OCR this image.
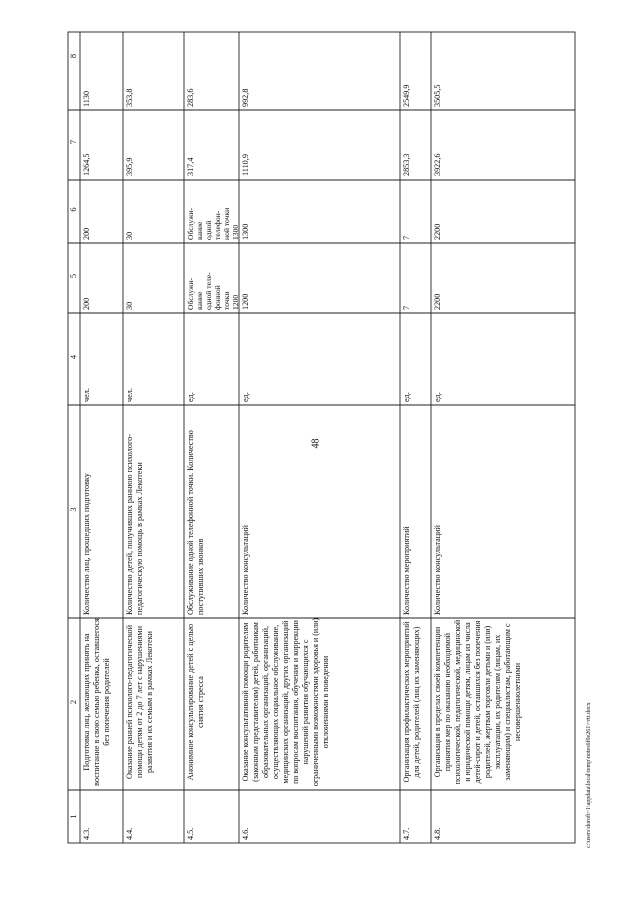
48
8
7
6
5
4
3
2
1
4.3.
Подготовка лиц, желающих принять на воспитание в свою семью ребенка, оставшегося без попечения родителей
Количество лиц, прошедших подготовку
чел.
200
200
1264,5
1130
4.4.
Оказание ранней психолого-педагогической помощи детям от 2 до 7 лет с нарушениями развития и их семьям в рамках Лекотеки
Количество детей, получивших раннюю психолого-педагогическую помощь в рамках Лекотеки
чел.
30
30
395,9
353,8
4.5.
Анонимное консультирование детей с целью снятия стресса
Обслуживание одной телефонной точки. Количество поступивших звонков
ед.
Обслужи-
вание
одной теле-
фонной
точки
1200
Обслужи-
вание
одной
телефон-
ной точки
1300
317,4
283,6
4.6.
Оказание консультативной помощи родителям (законным представителям) детей, работникам образовательных организаций, организаций, осуществляющих социальное обслуживание, медицинских организаций, других организаций по вопросам воспитания, обучения и коррекции нарушений развития обучающихся с ограниченными возможностями здоровья и (или) отклонениями в поведении
Количество консультаций
ед.
1200
1300
1110,9
992,8
4.7.
Организация профилактических мероприятий для детей, родителей (лиц их заменяющих)
Количество мероприятий
ед.
7
7
2853,3
2549,9
4.8.
Организация в пределах своей компетенции принятия мер по оказанию необходимой психологической, педагогической, медицинской и юридической помощи детям, лицам из числа детей-сирот и детей, оставшихся без попечения родителей, жертвам торговли детьми и (или) эксплуатации, их родителям (лицам, их заменяющим) и специалистам, работающим с несовершеннолетними
Количество консультаций
ед.
2200
2200
3922,6
3505,5
c:\users\dorofi~1\appdata\local\temp\notes6f0e261\~rtt.docx
